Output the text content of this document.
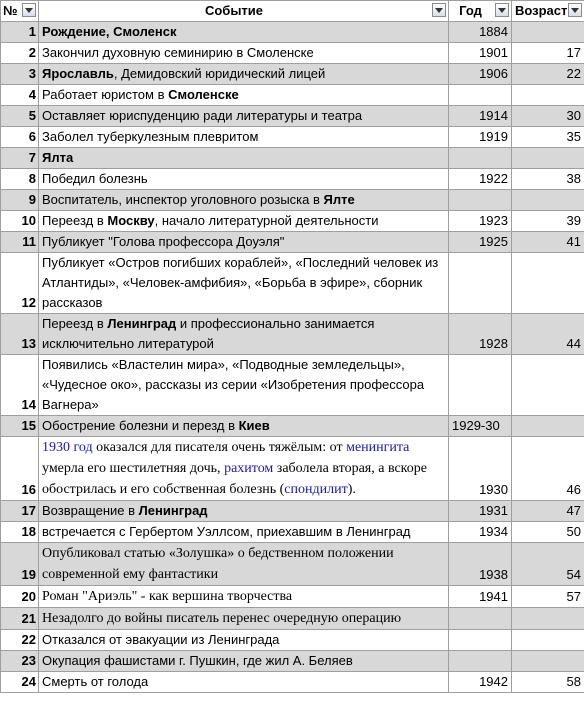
№	Событие	Год	Возраст

1	Рождение, Смоленск	1884	
2	Закончил духовную семинирию в Смоленске	1901	17
3	Ярославль, Демидовский юридический лицей	1906	22
4	Работает юристом в Смоленске		
5	Оставляет юриспуденцию ради литературы и театра	1914	30
6	Заболел туберкулезным плевритом	1919	35
7	Ялта		
8	Победил болезнь	1922	38
9	Воспитатель, инспектор уголовного розыска в Ялте		
10	Переезд в Москву, начало литературной деятельности	1923	39
11	Публикует "Голова профессора Доуэля"	1925	41
12	Публикует «Остров погибших кораблей», «Последний человек из Атлантиды», «Человек-амфибия», «Борьба в эфире», сборник рассказов		
13	Переезд в Ленинград и профессионально занимается исключительно литературой	1928	44
14	Появились «Властелин мира», «Подводные земледельцы», «Чудесное око», рассказы из серии «Изобретения профессора Вагнера»		
15	Обострение болезни и перезд в Киев	1929-30	
16	1930 год оказался для писателя очень тяжёлым: от менингита умерла его шестилетняя дочь, рахитом заболела вторая, а вскоре обострилась и его собственная болезнь (спондилит).	1930	46
17	Возвращение в Ленинград	1931	47
18	встречается с Гербертом Уэллсом, приехавшим в Ленинград	1934	50
19	Опубликовал статью «Золушка» о бедственном положении современной ему фантастики	1938	54
20	Роман "Ариэль" - как вершина творчества	1941	57
21	Незадолго до войны писатель перенес очередную операцию		
22	Отказался от эвакуации из Ленинграда		
23	Окупация фашистами г. Пушкин, где жил А. Беляев		
24	Смерть от голода	1942	58
